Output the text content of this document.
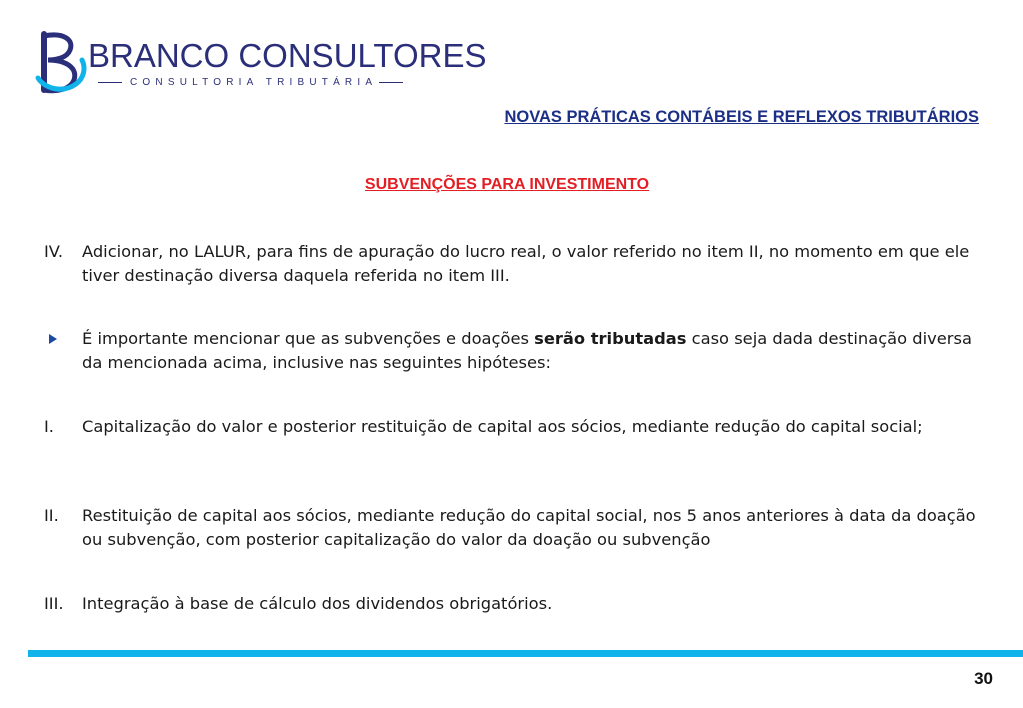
BRANCO CONSULTORES
CONSULTORIA TRIBUTÁRIA
NOVAS PRÁTICAS CONTÁBEIS E REFLEXOS TRIBUTÁRIOS
SUBVENÇÕES PARA INVESTIMENTO
IV. Adicionar, no LALUR, para fins de apuração do lucro real, o valor referido no item II, no momento em que ele tiver destinação diversa daquela referida no item III.
É importante mencionar que as subvenções e doações serão tributadas caso seja dada destinação diversa da mencionada acima, inclusive nas seguintes hipóteses:
I. Capitalização do valor e posterior restituição de capital aos sócios, mediante redução do capital social;
II. Restituição de capital aos sócios, mediante redução do capital social, nos 5 anos anteriores à data da doação ou subvenção, com posterior capitalização do valor da doação ou subvenção
III. Integração à base de cálculo dos dividendos obrigatórios.
30
